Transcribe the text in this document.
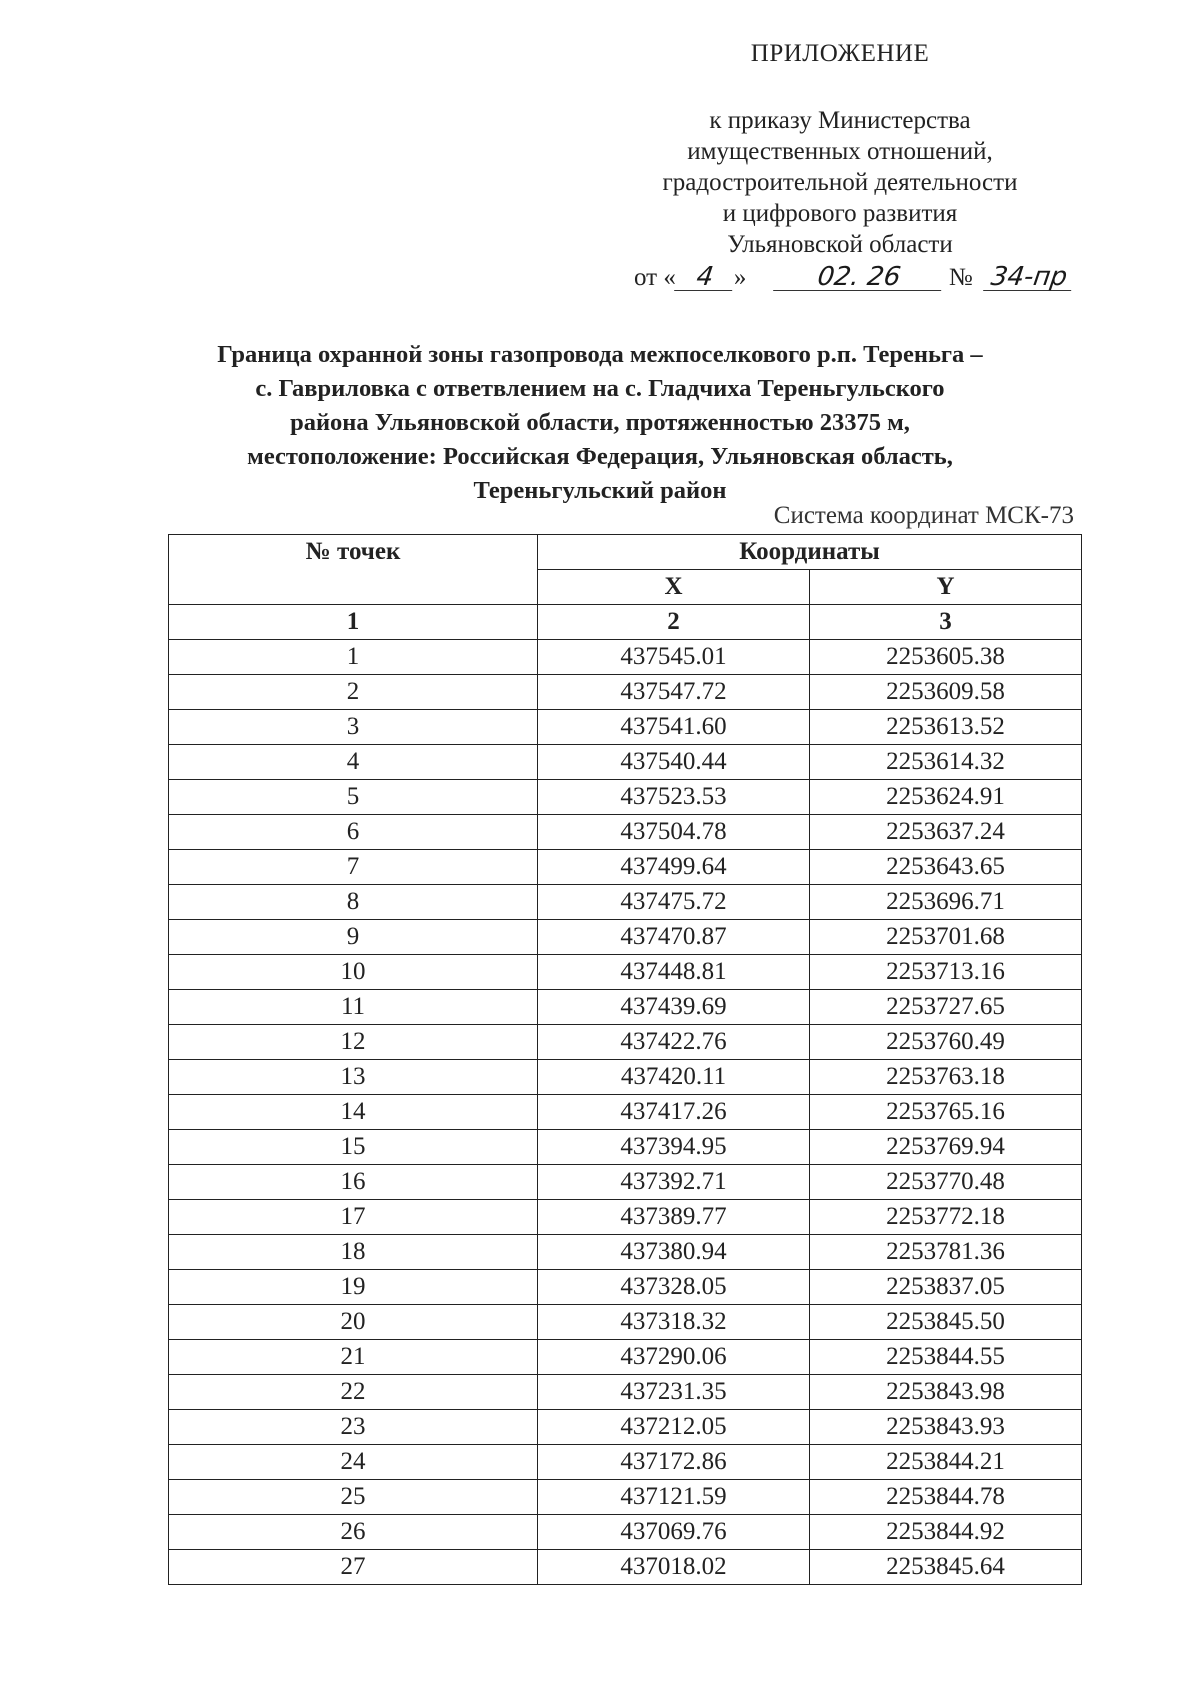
ПРИЛОЖЕНИЕ
к приказу Министерства
имущественных отношений,
градостроительной деятельности
и цифрового развития
Ульяновской области
от « 4 »	02. 26 № 34-пр
Граница охранной зоны газопровода межпоселкового р.п. Тереньга –
с. Гавриловка с ответвлением на с. Гладчиха Тереньгульского
района Ульяновской области, протяженностью 23375 м,
местоположение: Российская Федерация, Ульяновская область,
Тереньгульский район
Система координат МСК-73
№ точек	Координаты	
	X	Y
1	2	3
1	437545.01	2253605.38
2	437547.72	2253609.58
3	437541.60	2253613.52
4	437540.44	2253614.32
5	437523.53	2253624.91
6	437504.78	2253637.24
7	437499.64	2253643.65
8	437475.72	2253696.71
9	437470.87	2253701.68
10	437448.81	2253713.16
11	437439.69	2253727.65
12	437422.76	2253760.49
13	437420.11	2253763.18
14	437417.26	2253765.16
15	437394.95	2253769.94
16	437392.71	2253770.48
17	437389.77	2253772.18
18	437380.94	2253781.36
19	437328.05	2253837.05
20	437318.32	2253845.50
21	437290.06	2253844.55
22	437231.35	2253843.98
23	437212.05	2253843.93
24	437172.86	2253844.21
25	437121.59	2253844.78
26	437069.76	2253844.92
27	437018.02	2253845.64
